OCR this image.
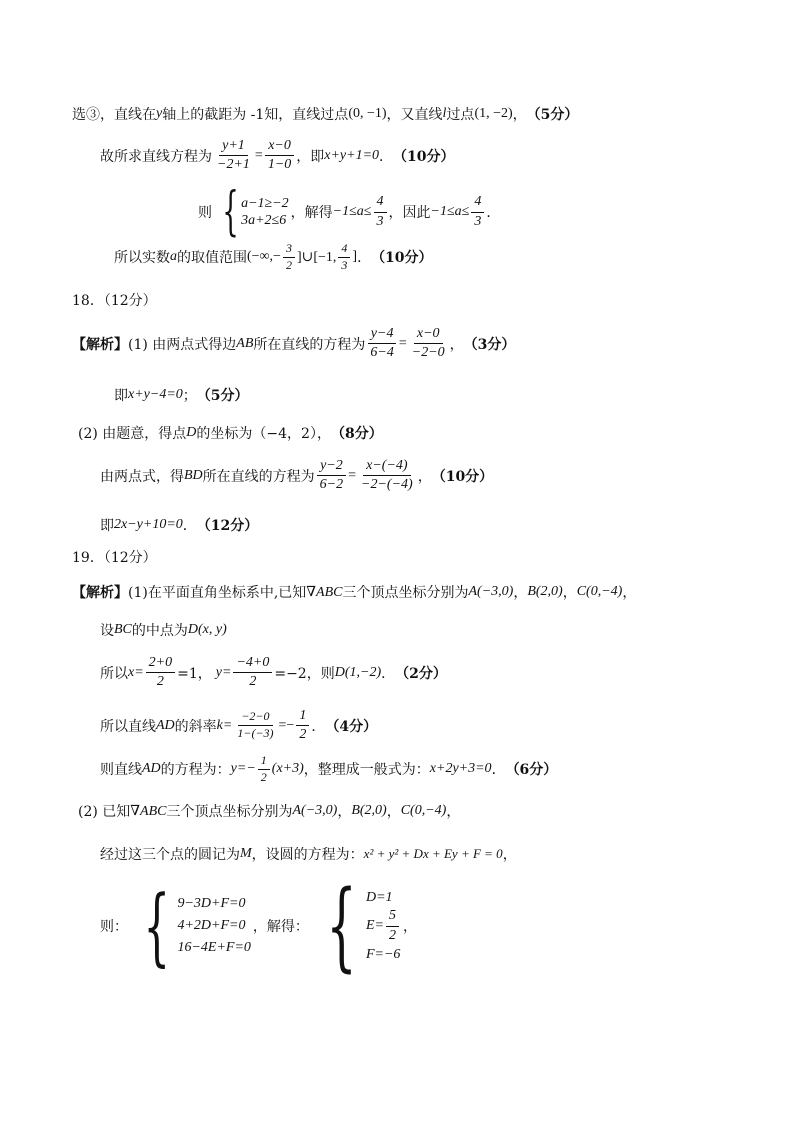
选③，直线在 y 轴上的截距为 -1知，直线过点 (0, −1) ，又直线 l 过点 (1, −2) ， （5分）
故所求直线方程为 $\frac{y+1}{-2+1} = \frac{x-0}{1-0}$ ，即 x+y+1=0 ． （10分）
则 { a−1≥−2
3a+2≤6 ，解得 $-1\le a\le \frac{4}{3}$ ，因此 $-1\le a\le \frac{4}{3}$ ．
所以实数 a 的取值范围 (−∞,− $\frac{3}{2}$ ]∪[−1, $\frac{4}{3}$ ] ． （10分）
18．（12分）
【解析】 (1) 由两点式得边 AB 所在直线的方程为 $\frac{y-4}{6-4} = \frac{x-0}{-2-0}$ ， （3分）
即 x+y−4=0 ； （5分）
(2) 由题意，得点 D 的坐标为（−4，2）， （8分）
由两点式，得 BD 所在直线的方程为 $\frac{y-2}{6-2} = \frac{x-(-4)}{-2-(-4)}$ ， （10分）
即 2x−y+10=0 ． （12分）
19．（12分）
【解析】 (1)在平面直角坐标系中,已知 ∇ABC 三个顶点坐标分别为 A(−3,0) ， B(2,0) ， C(0,−4) ，
设 BC 的中点为 D(x, y)
所以 $x= \frac{2+0}{2} =1$， $y= \frac{-4+0}{2} =-2$，则 D(1,−2) ． （2分）
所以直线 AD 的斜率 $k= \frac{-2-0}{1-(-3)} =- \frac{1}{2}$ ． （4分）
则直线 AD 的方程为： $y=- \frac{1}{2} (x+3)$ ，整理成一般式为： x+2y+3=0 ． （6分）
(2) 已知 ∇ABC 三个顶点坐标分别为 A(−3,0) ， B(2,0) ， C(0,−4) ，
经过这三个点的圆记为 M ，设圆的方程为： x² + y² + Dx + Ey + F = 0 ，
则： { 9−3D+F=0
4+2D+F=0
16−4E+F=0
，解得： { D=1
$E= \frac{5}{2}$
F=−6
，
